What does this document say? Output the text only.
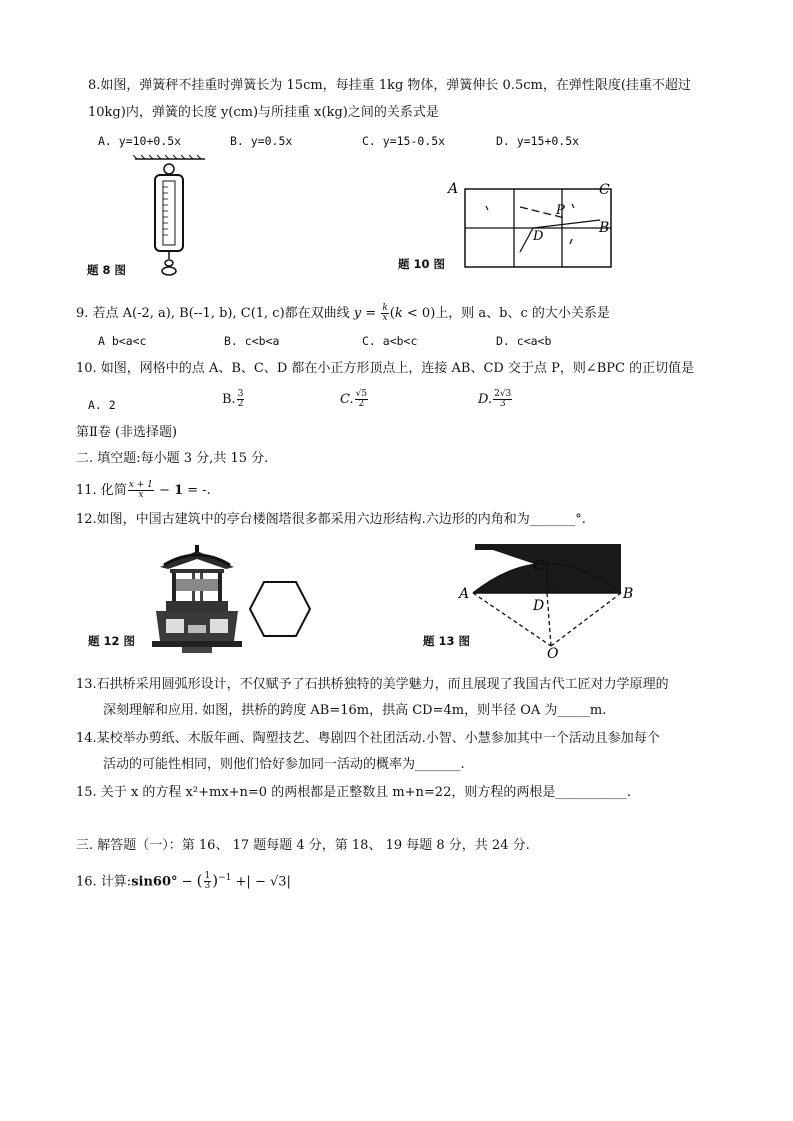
8.如图，弹簧秤不挂重时弹簧长为 15cm，每挂重 1kg 物体，弹簧伸长 0.5cm，在弹性限度(挂重不超过
10kg)内，弹簧的长度 y(cm)与所挂重 x(kg)之间的关系式是
A. y=10+0.5x	B. y=0.5x	C. y=15-0.5x	D. y=15+0.5x
题 8 图
A	C
B
P
D
题 10 图
9. 若点 A(-2, a), B(--1, b), C(1, c)都在双曲线 $y = \frac{k}{x} (k < 0)$上，则 a、b、c 的大小关系是
A b<a<c	B. c<b<a	C. a<b<c	D. c<a<b
10. 如图，网格中的点 A、B、C、D 都在小正方形顶点上，连接 AB、CD 交于点 P，则∠BPC 的正切值是
A. 2	B. $\frac{3}{2}$	C. $\frac{√5}{2}$	D. $\frac{2√3}{3}$
第Ⅱ卷 (非选择题)
二. 填空题:每小题 3 分,共 15 分.
11. 化简 $\frac{x + 1}{x} - 1$ = -.
12.如图，中国古建筑中的亭台楼阁塔很多都采用六边形结构.六边形的内角和为_______°.
题 12 图
C
A	B
D
O
题 13 图
13.石拱桥采用圆弧形设计，不仅赋予了石拱桥独特的美学魅力，而且展现了我国古代工匠对力学原理的
深刻理解和应用. 如图，拱桥的跨度 AB=16m，拱高 CD=4m，则半径 OA 为_____m.
14.某校举办剪纸、木版年画、陶塑技艺、粤剧四个社团活动.小智、小慧参加其中一个活动且参加每个
活动的可能性相同，则他们恰好参加同一活动的概率为_______.
15. 关于 x 的方程 x²+mx+n=0 的两根都是正整数且 m+n=22，则方程的两根是___________.
三. 解答题（一）：第 16、 17 题每题 4 分，第 18、 19 每题 8 分，共 24 分.
16. 计算:sin60° − ( $\frac{1}{3} )^{-1}$ +| − √3|
